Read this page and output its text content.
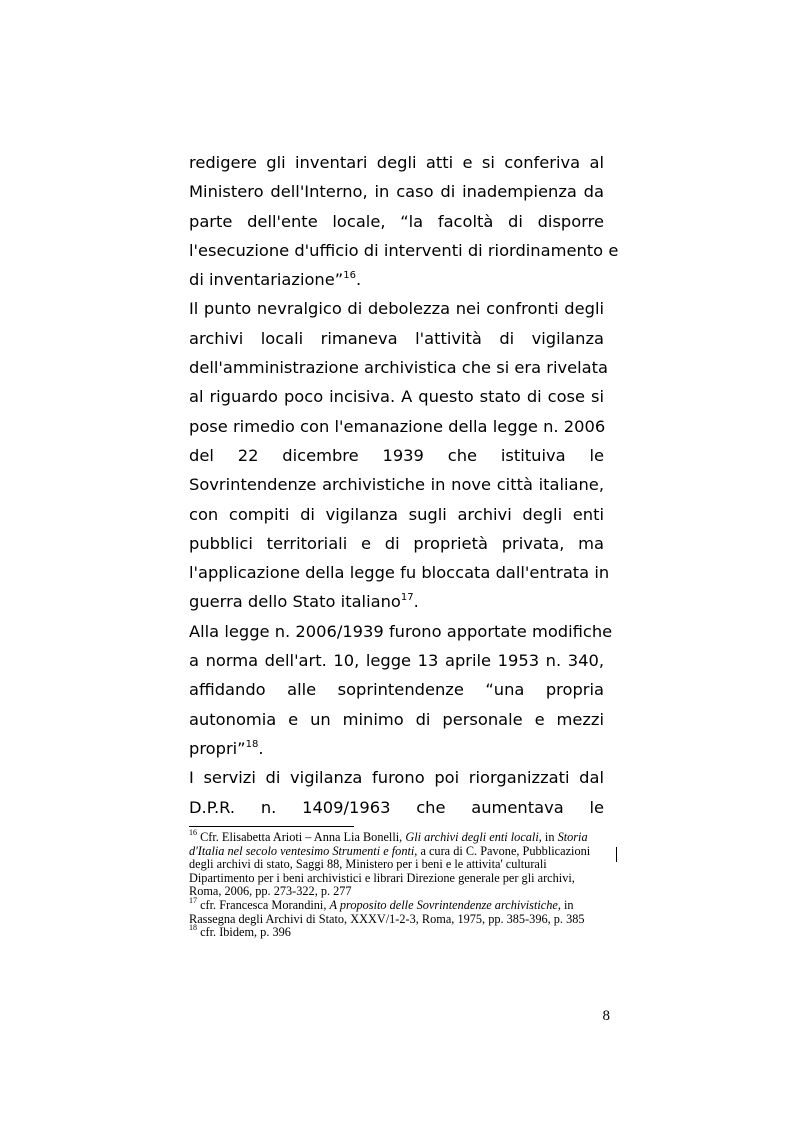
redigere gli inventari degli atti e si conferiva al
Ministero dell'Interno, in caso di inadempienza da
parte dell'ente locale, “la facoltà di disporre
l'esecuzione d'ufficio di interventi di riordinamento e
di inventariazione”$^{16}$.

Il punto nevralgico di debolezza nei confronti degli
archivi locali rimaneva l'attività di vigilanza
dell'amministrazione archivistica che si era rivelata
al riguardo poco incisiva. A questo stato di cose si
pose rimedio con l'emanazione della legge n. 2006
del 22 dicembre 1939 che istituiva le
Sovrintendenze archivistiche in nove città italiane,
con compiti di vigilanza sugli archivi degli enti
pubblici territoriali e di proprietà privata, ma
l'applicazione della legge fu bloccata dall'entrata in
guerra dello Stato italiano$^{17}$.

Alla legge n. 2006/1939 furono apportate modifiche
a norma dell'art. 10, legge 13 aprile 1953 n. 340,
affidando alle soprintendenze “una propria
autonomia e un minimo di personale e mezzi
propri”$^{18}$.

I servizi di vigilanza furono poi riorganizzati dal
D.P.R. n. 1409/1963 che aumentava le

$^{16}$ Cfr. Elisabetta Arioti – Anna Lia Bonelli, Gli archivi degli enti locali, in Storia d'Italia nel secolo ventesimo Strumenti e fonti, a cura di C. Pavone, Pubblicazioni degli archivi di stato, Saggi 88, Ministero per i beni e le attivita' culturali Dipartimento per i beni archivistici e librari Direzione generale per gli archivi, Roma, 2006, pp. 273-322, p. 277

$^{17}$ cfr. Francesca Morandini, A proposito delle Sovrintendenze archivistiche, in Rassegna degli Archivi di Stato, XXXV/1-2-3, Roma, 1975, pp. 385-396, p. 385

$^{18}$ cfr. Ibidem, p. 396

8
